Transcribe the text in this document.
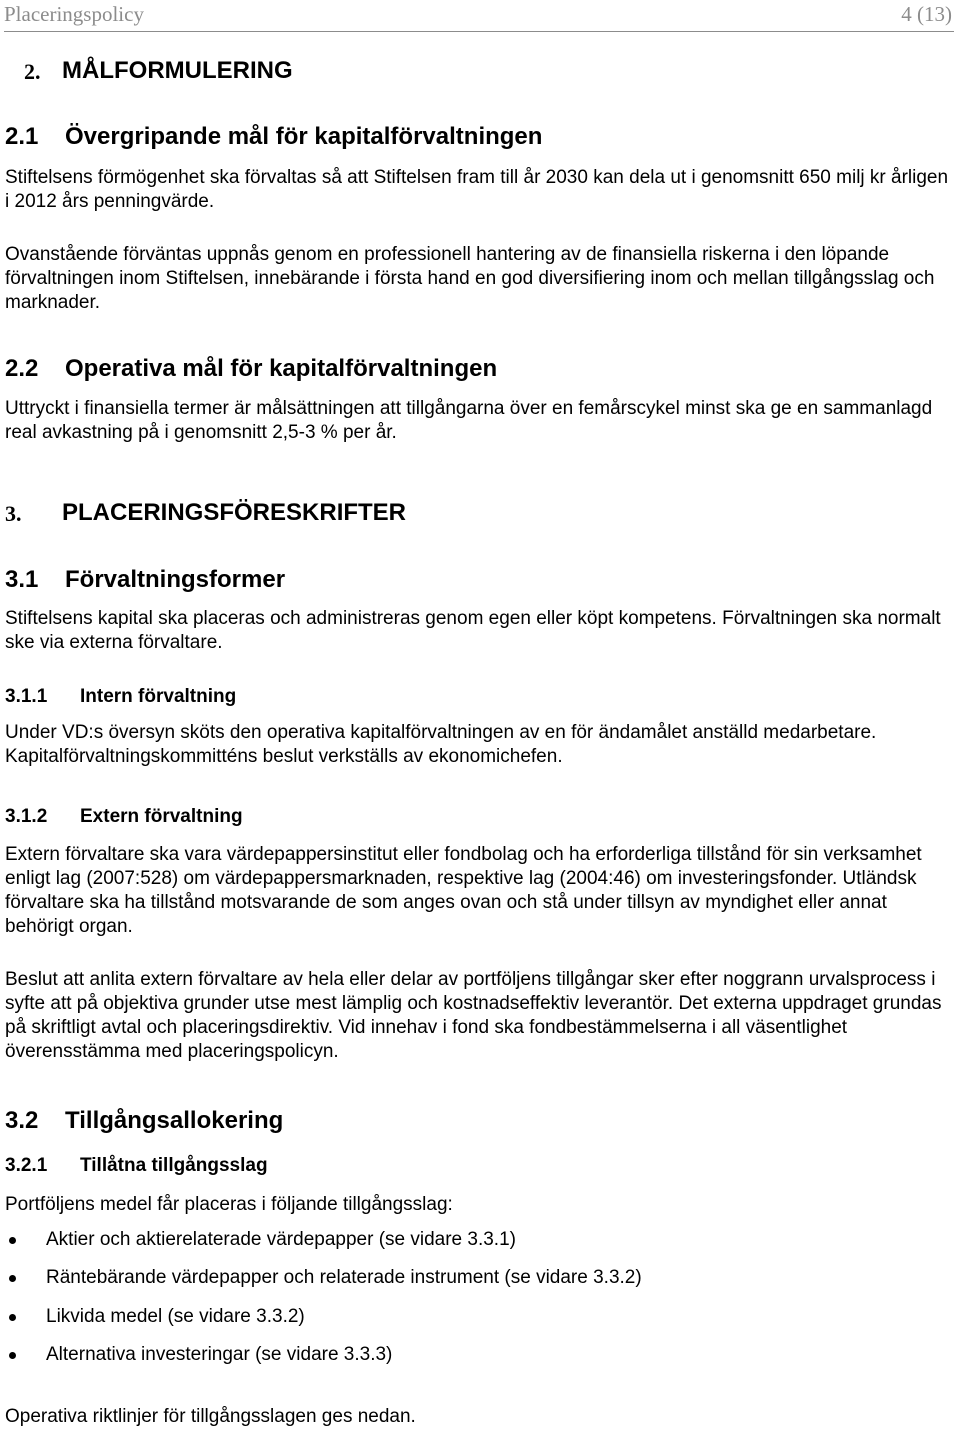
Placeringspolicy	4 (13)
2. MÅLFORMULERING
2.1 Övergripande mål för kapitalförvaltningen

Stiftelsens förmögenhet ska förvaltas så att Stiftelsen fram till år 2030 kan dela ut i genomsnitt 650 milj kr årligen i 2012 års penningvärde.

Ovanstående förväntas uppnås genom en professionell hantering av de finansiella riskerna i den löpande förvaltningen inom Stiftelsen, innebärande i första hand en god diversifiering inom och mellan tillgångsslag och marknader.

2.2 Operativa mål för kapitalförvaltningen

Uttryckt i finansiella termer är målsättningen att tillgångarna över en femårscykel minst ska ge en sammanlagd real avkastning på i genomsnitt 2,5-3 % per år.

3. PLACERINGSFÖRESKRIFTER
3.1 Förvaltningsformer

Stiftelsens kapital ska placeras och administreras genom egen eller köpt kompetens. Förvaltningen ska normalt ske via externa förvaltare.

3.1.1 Intern förvaltning

Under VD:s översyn sköts den operativa kapitalförvaltningen av en för ändamålet anställd medarbetare. Kapitalförvaltningskommitténs beslut verkställs av ekonomichefen.

3.1.2 Extern förvaltning

Extern förvaltare ska vara värdepappersinstitut eller fondbolag och ha erforderliga tillstånd för sin verksamhet enligt lag (2007:528) om värdepappersmarknaden, respektive lag (2004:46) om investeringsfonder. Utländsk förvaltare ska ha tillstånd motsvarande de som anges ovan och stå under tillsyn av myndighet eller annat behörigt organ.

Beslut att anlita extern förvaltare av hela eller delar av portföljens tillgångar sker efter noggrann urvalsprocess i syfte att på objektiva grunder utse mest lämplig och kostnadseffektiv leverantör. Det externa uppdraget grundas på skriftligt avtal och placeringsdirektiv. Vid innehav i fond ska fondbestämmelserna i all väsentlighet överensstämma med placeringspolicyn.

3.2 Tillgångsallokering
3.2.1 Tillåtna tillgångsslag

Portföljens medel får placeras i följande tillgångsslag:

Aktier och aktierelaterade värdepapper (se vidare 3.3.1)
Räntebärande värdepapper och relaterade instrument (se vidare 3.3.2)
Likvida medel (se vidare 3.3.2)
Alternativa investeringar (se vidare 3.3.3)

Operativa riktlinjer för tillgångsslagen ges nedan.
